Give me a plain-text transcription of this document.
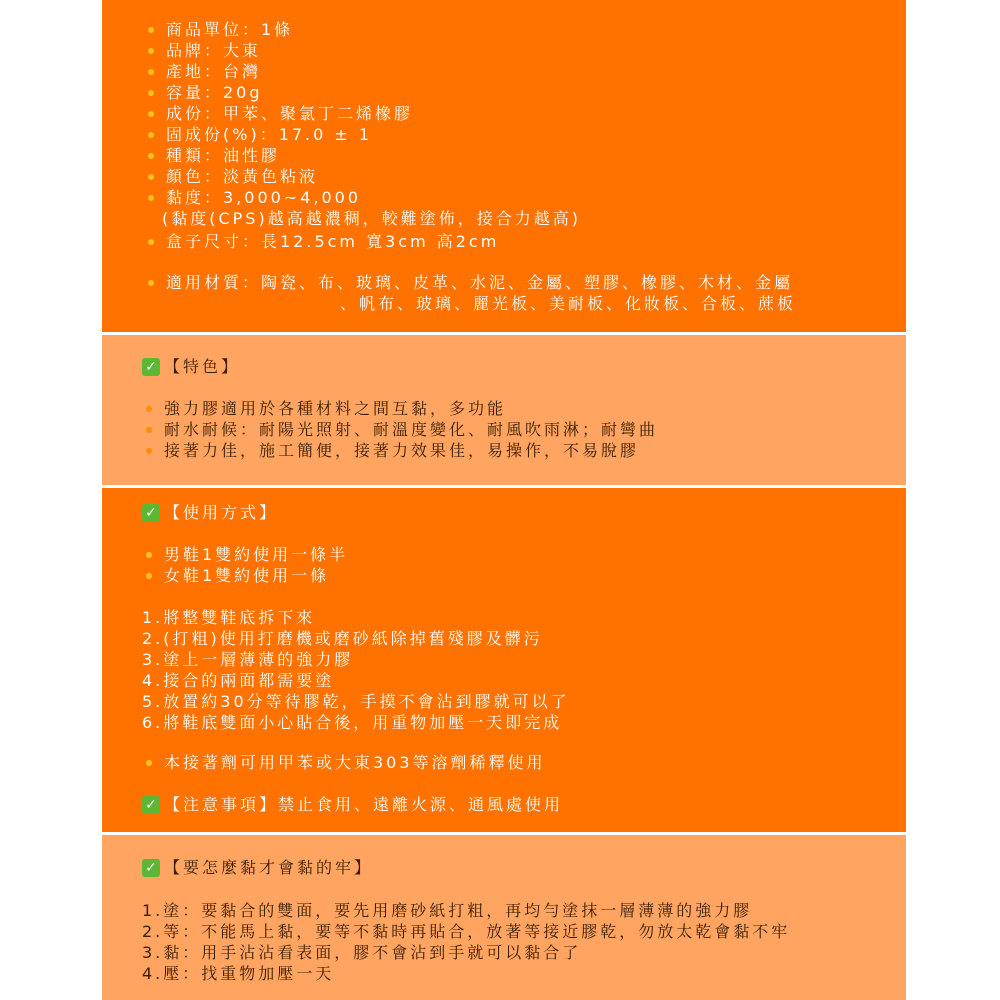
商品單位：1條
品牌：大東
產地：台灣
容量：20g
成份：甲苯、聚氯丁二烯橡膠
固成份(%)：17.0 ± 1
種類：油性膠
顏色：淡黃色粘液
黏度：3,000~4,000
(黏度(CPS)越高越濃稠，較難塗佈，接合力越高)
盒子尺寸：長12.5cm 寬3cm 高2cm
適用材質：陶瓷、布、玻璃、皮革、水泥、金屬、塑膠、橡膠、木材、金屬
、帆布、玻璃、麗光板、美耐板、化妝板、合板、蔗板
✓ 【特色】
強力膠適用於各種材料之間互黏，多功能
耐水耐候：耐陽光照射、耐溫度變化、耐風吹雨淋；耐彎曲
接著力佳，施工簡便，接著力效果佳，易操作，不易脫膠
✓ 【使用方式】
男鞋1雙約使用一條半
女鞋1雙約使用一條
1.將整雙鞋底拆下來
2.(打粗)使用打磨機或磨砂紙除掉舊殘膠及髒污
3.塗上一層薄薄的強力膠
4.接合的兩面都需要塗
5.放置約30分等待膠乾，手摸不會沾到膠就可以了
6.將鞋底雙面小心貼合後，用重物加壓一天即完成
本接著劑可用甲苯或大東303等溶劑稀釋使用
✓ 【注意事項】禁止食用、遠離火源、通風處使用
✓ 【要怎麼黏才會黏的牢】
1.塗：要黏合的雙面，要先用磨砂紙打粗，再均勻塗抹一層薄薄的強力膠
2.等：不能馬上黏，要等不黏時再貼合，放著等接近膠乾，勿放太乾會黏不牢
3.黏：用手沾沾看表面，膠不會沾到手就可以黏合了
4.壓：找重物加壓一天
